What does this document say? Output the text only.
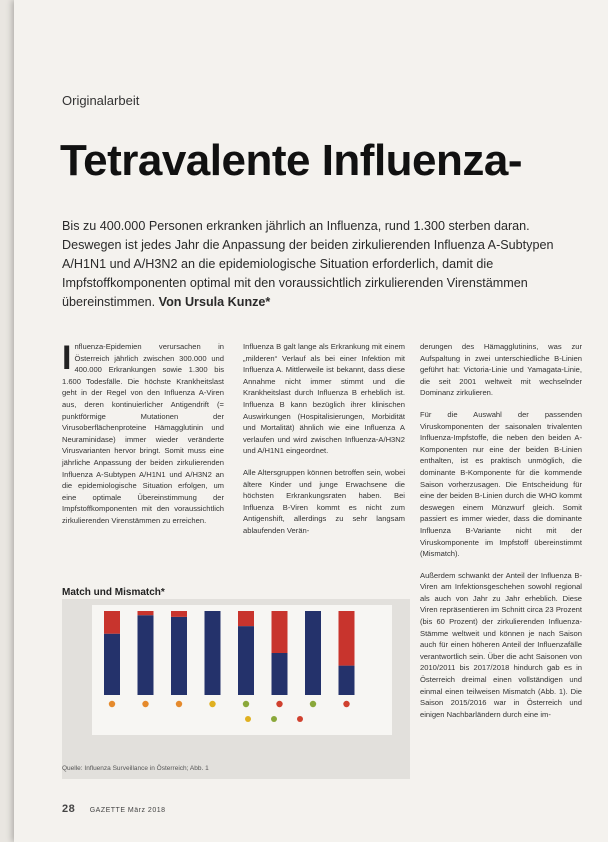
Originalarbeit
Tetravalente Influenza-
Bis zu 400.000 Personen erkranken jährlich an Influenza, rund 1.300 sterben daran. Deswegen ist jedes Jahr die Anpassung der beiden zirkulierenden Influenza A-Subtypen A/H1N1 und A/H3N2 an die epidemiologische Situation erforderlich, damit die Impfstoffkomponenten optimal mit den voraussichtlich zirkulierenden Virenstämmen übereinstimmen. Von Ursula Kunze*

Influenza-Epidemien verursachen in Österreich jährlich zwischen 300.000 und 400.000 Erkrankungen sowie 1.300 bis 1.600 Todesfälle. Die höchste Krankheitslast geht in der Regel von den Influenza A-Viren aus, deren kontinuierlicher Antigendrift (= punktförmige Mutationen der Virusoberflächenproteine Hämagglutinin und Neuraminidase) immer wieder veränderte Virusvarianten hervor bringt. Somit muss eine jährliche Anpassung der beiden zirkulierenden Influenza A-Subtypen A/H1N1 und A/H3N2 an die epidemiologische Situation erfolgen, um eine optimale Übereinstimmung der Impfstoffkomponenten mit den voraussichtlich zirkulierenden Virenstämmen zu erreichen.

Influenza B galt lange als Erkrankung mit einem „milderen“ Verlauf als bei einer Infektion mit Influenza A. Mittlerweile ist bekannt, dass diese Annahme nicht immer stimmt und die Krankheitslast durch Influenza B erheblich ist. Influenza B kann bezüglich ihrer klinischen Auswirkungen (Hospitalisierungen, Morbidität und Mortalität) ähnlich wie eine Influenza A verlaufen und wird zwischen Influenza-A/H3N2 und A/H1N1 eingeordnet.

Alle Altersgruppen können betroffen sein, wobei ältere Kinder und junge Erwachsene die höchsten Erkrankungsraten haben. Bei Influenza B-Viren kommt es nicht zum Antigenshift, allerdings zu sehr langsam ablaufenden Verän-

derungen des Hämagglutinins, was zur Aufspaltung in zwei unterschiedliche B-Linien geführt hat: Victoria-Linie und Yamagata-Linie, die seit 2001 weltweit mit wechselnder Dominanz zirkulieren.

Für die Auswahl der passenden Viruskomponenten der saisonalen trivalenten Influenza-Impfstoffe, die neben den beiden A-Komponenten nur eine der beiden B-Linien enthalten, ist es praktisch unmöglich, die dominante B-Komponente für die kommende Saison vorherzusagen. Die Entscheidung für eine der beiden B-Linien durch die WHO kommt deswegen einem Münzwurf gleich. Somit passiert es immer wieder, dass die dominante Influenza B-Variante nicht mit der Viruskomponente im Impfstoff übereinstimmt (Mismatch).

Außerdem schwankt der Anteil der Influenza B-Viren am Infektionsgeschehen sowohl regional als auch von Jahr zu Jahr erheblich. Diese Viren repräsentieren im Schnitt circa 23 Prozent (bis 60 Prozent) der zirkulierenden Influenza-Stämme weltweit und können je nach Saison auch für einen höheren Anteil der Influenzafälle verantwortlich sein. Über die acht Saisonen von 2010/2011 bis 2017/2018 hindurch gab es in Österreich dreimal einen vollständigen und einmal einen teilweisen Mismatch (Abb. 1). Die Saison 2015/2016 war in Österreich und einigen Nachbarländern durch eine im-

Match und Mismatch*
Quelle: Influenza Surveillance in Österreich; Abb. 1
28 GAZETTE März 2018
